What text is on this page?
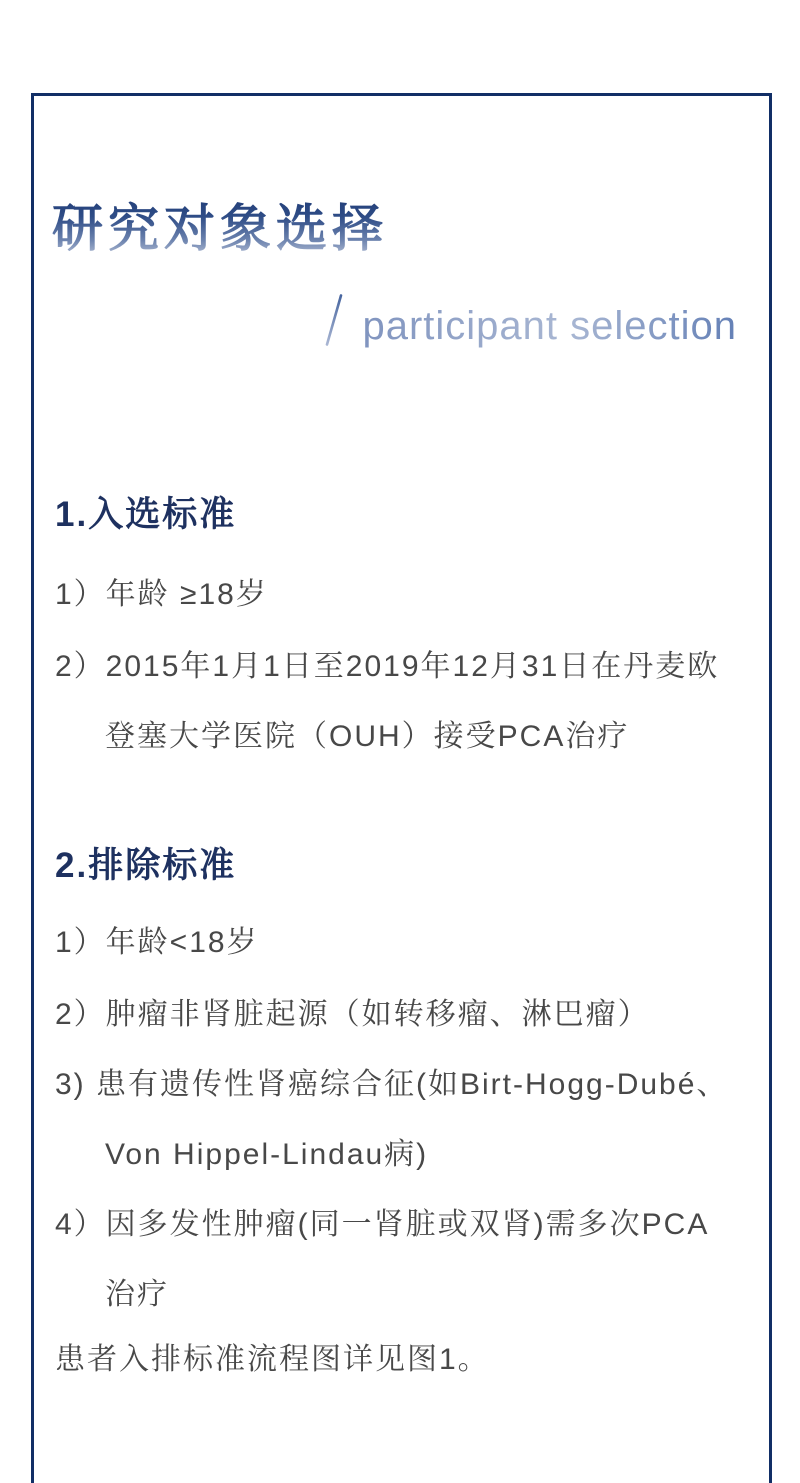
研究对象选择
participant selection
1.入选标准
1）年龄 ≥18岁
2）2015年1月1日至2019年12月31日在丹麦欧
登塞大学医院（OUH）接受PCA治疗
2.排除标准
1）年龄<18岁
2）肿瘤非肾脏起源（如转移瘤、淋巴瘤）
3) 患有遗传性肾癌综合征(如Birt-Hogg-Dubé、
Von Hippel-Lindau病)
4）因多发性肿瘤(同一肾脏或双肾)需多次PCA
治疗
患者入排标准流程图详见图1。
